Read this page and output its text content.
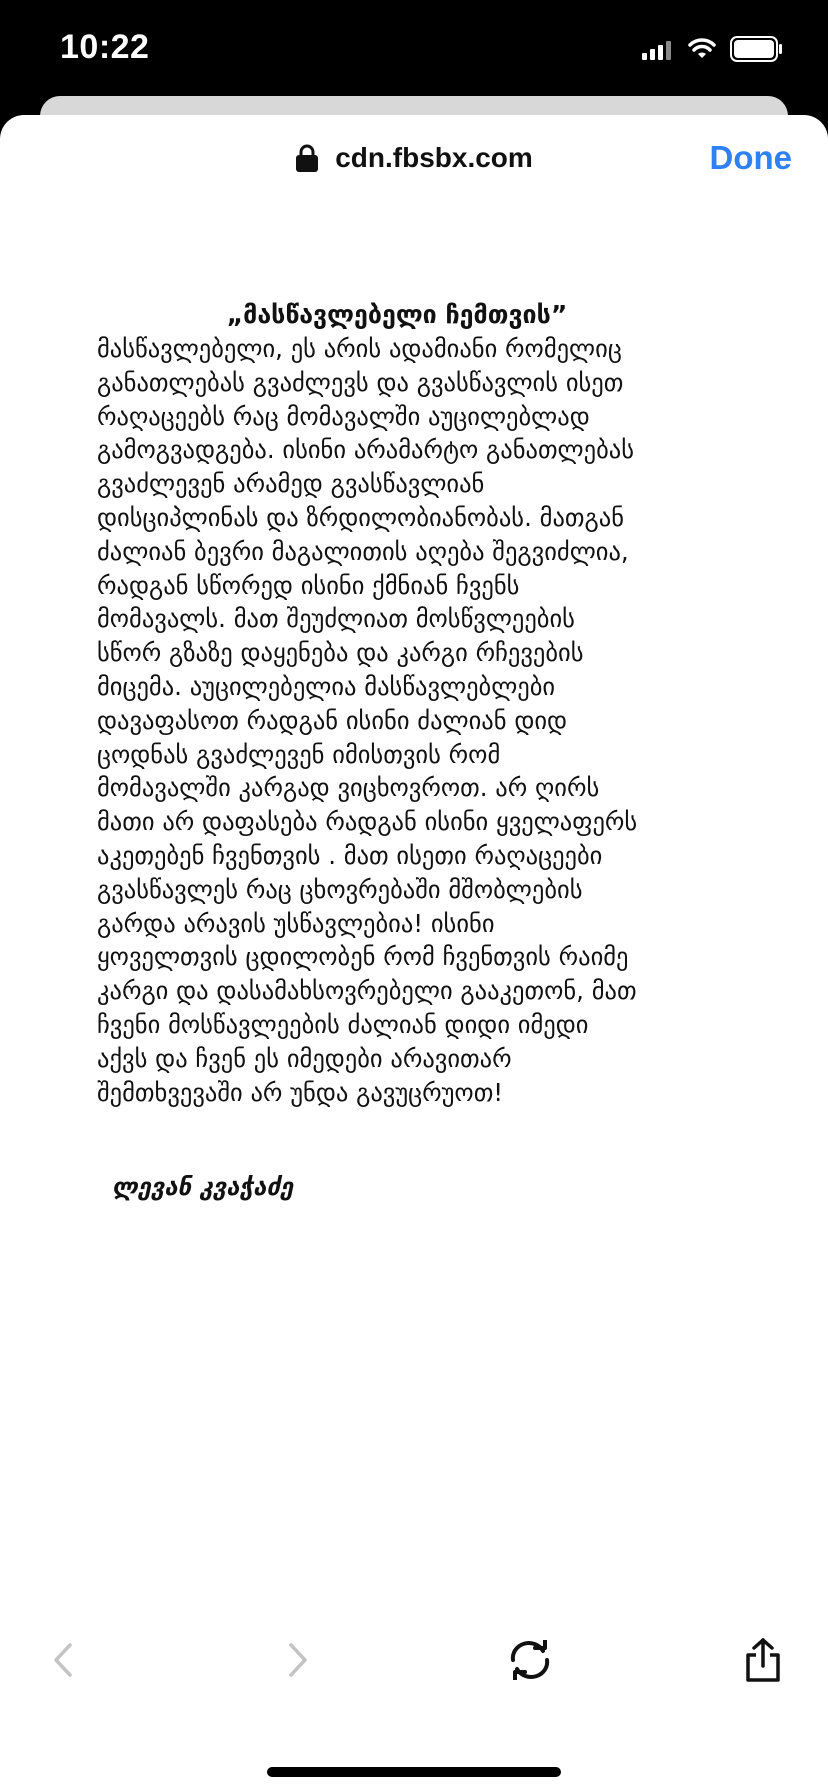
10:22
cdn.fbsbx.com	Done

„მასწავლებელი ჩემთვის”

მასწავლებელი, ეს არის ადამიანი რომელიც
განათლებას გვაძლევს და გვასწავლის ისეთ
რაღაცეებს რაც მომავალში აუცილებლად
გამოგვადგება. ისინი არამარტო განათლებას
გვაძლევენ არამედ გვასწავლიან
დისციპლინას და ზრდილობიანობას. მათგან
ძალიან ბევრი მაგალითის აღება შეგვიძლია,
რადგან სწორედ ისინი ქმნიან ჩვენს
მომავალს. მათ შეუძლიათ მოსწვლეების
სწორ გზაზე დაყენება და კარგი რჩევების
მიცემა. აუცილებელია მასწავლებლები
დავაფასოთ რადგან ისინი ძალიან დიდ
ცოდნას გვაძლევენ იმისთვის რომ
მომავალში კარგად ვიცხოვროთ. არ ღირს
მათი არ დაფასება რადგან ისინი ყველაფერს
აკეთებენ ჩვენთვის . მათ ისეთი რაღაცეები
გვასწავლეს რაც ცხოვრებაში მშობლების
გარდა არავის უსწავლებია! ისინი
ყოველთვის ცდილობენ რომ ჩვენთვის რაიმე
კარგი და დასამახსოვრებელი გააკეთონ, მათ
ჩვენი მოსწავლეების ძალიან დიდი იმედი
აქვს და ჩვენ ეს იმედები არავითარ
შემთხვევაში არ უნდა გავუცრუოთ!
ლევან კვაჭაძე
